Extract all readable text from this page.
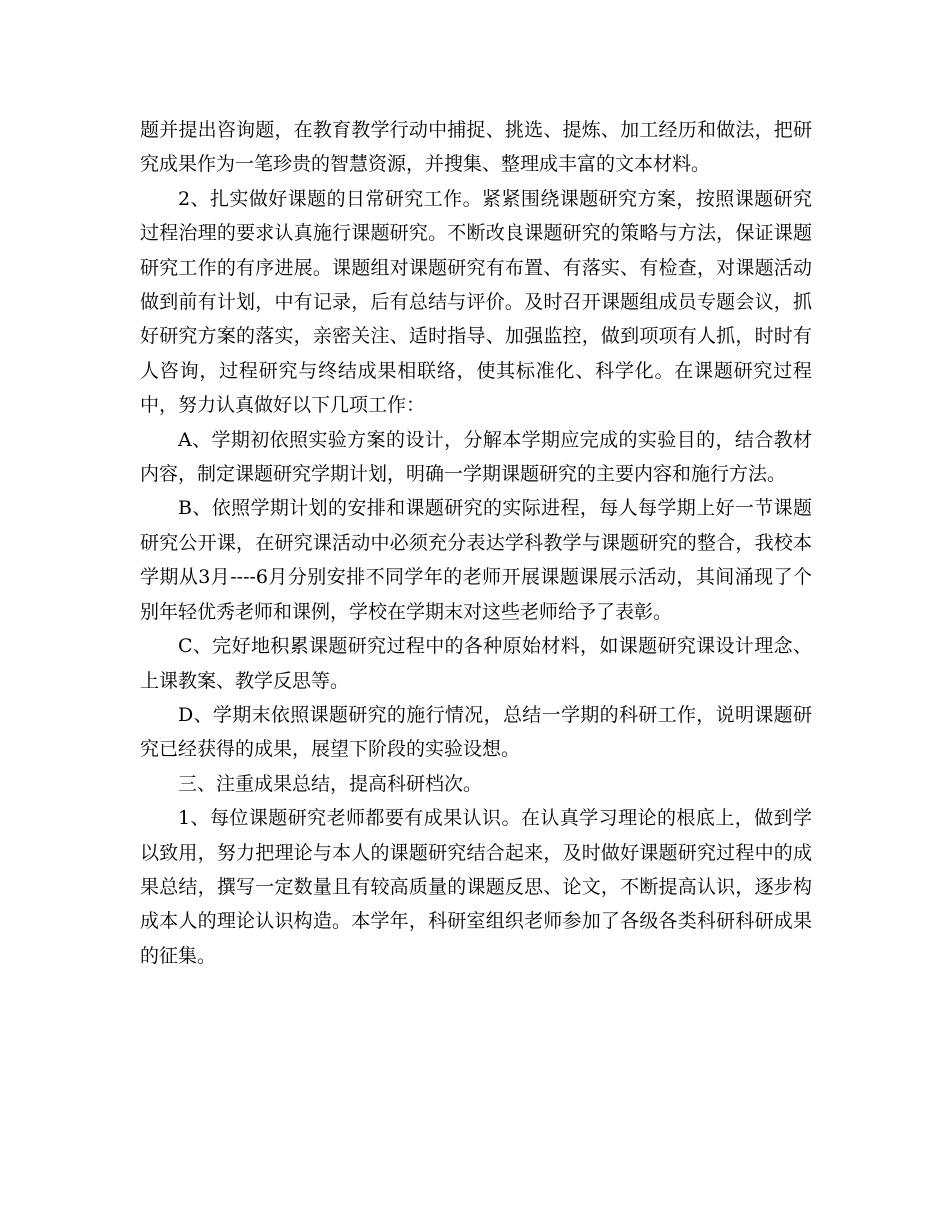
题并提出咨询题，在教育教学行动中捕捉、挑选、提炼、加工经历和做法，把研究成果作为一笔珍贵的智慧资源，并搜集、整理成丰富的文本材料。

2、扎实做好课题的日常研究工作。紧紧围绕课题研究方案，按照课题研究过程治理的要求认真施行课题研究。不断改良课题研究的策略与方法，保证课题研究工作的有序进展。课题组对课题研究有布置、有落实、有检查，对课题活动做到前有计划，中有记录，后有总结与评价。及时召开课题组成员专题会议，抓好研究方案的落实，亲密关注、适时指导、加强监控，做到项项有人抓，时时有人咨询，过程研究与终结成果相联络，使其标准化、科学化。在课题研究过程中，努力认真做好以下几项工作：

A、学期初依照实验方案的设计，分解本学期应完成的实验目的，结合教材内容，制定课题研究学期计划，明确一学期课题研究的主要内容和施行方法。

B、依照学期计划的安排和课题研究的实际进程，每人每学期上好一节课题研究公开课，在研究课活动中必须充分表达学科教学与课题研究的整合，我校本学期从3月----6月分别安排不同学年的老师开展课题课展示活动，其间涌现了个别年轻优秀老师和课例，学校在学期末对这些老师给予了表彰。

C、完好地积累课题研究过程中的各种原始材料，如课题研究课设计理念、上课教案、教学反思等。

D、学期末依照课题研究的施行情况，总结一学期的科研工作，说明课题研究已经获得的成果，展望下阶段的实验设想。

三、注重成果总结，提高科研档次。

1、每位课题研究老师都要有成果认识。在认真学习理论的根底上，做到学以致用，努力把理论与本人的课题研究结合起来，及时做好课题研究过程中的成果总结，撰写一定数量且有较高质量的课题反思、论文，不断提高认识，逐步构成本人的理论认识构造。本学年，科研室组织老师参加了各级各类科研科研成果的征集。
